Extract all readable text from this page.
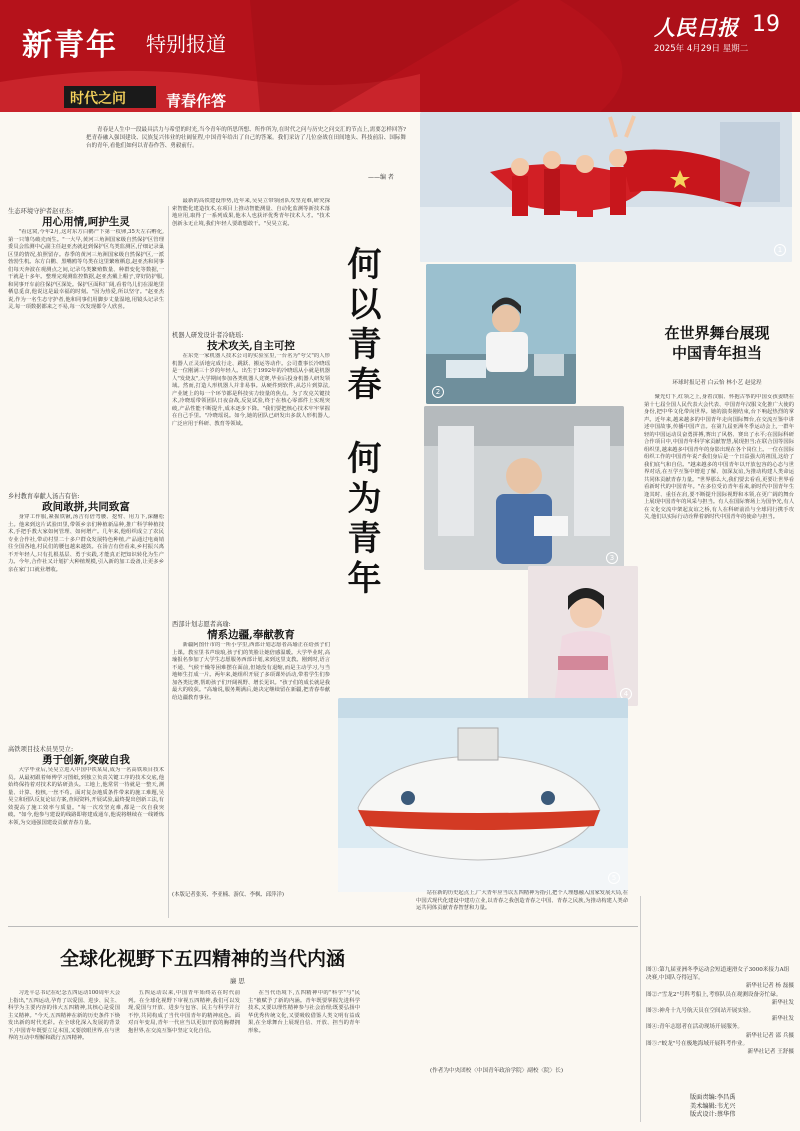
新青年 特别报道
人民日报 19
2025年 4月29日 星期二
时代之问	青春作答

青春是人生中一段最具活力与希望的时光,当今青年的所思所想、所作所为,在时代之问与历史之问交汇的节点上,需要怎样回答?把青春融入强国建设、民族复兴伟业的壮阔征程,中国青年给出了自己的答案。我们采访了几位奋战在田间地头、科技前沿、国际舞台的青年,看他们如何以青春作答、勇毅前行。

——编 者
何以青春
何为青年
生态环境守护者赵亚杰:
用心用情,呵护生灵

"看这窝,今年2月,这对东方白鹳产下第一枚卵,35天左右孵化,第一只雏鸟破壳而生。"一大早,黄河三角洲国家级自然保护区管理委员会监测中心副主任赵亚杰就赶到保护区鸟类监测区,仔细记录巢区里的情况,拍照留存。春季的黄河三角洲国家级自然保护区,一派勃勃生机。东方白鹳、黑嘴鸥等鸟类在这里繁殖栖息,赵亚杰和同事们每天奔波在观测点之间,记录鸟类繁殖数量、种群变化等数据,一干就是十多年。整理完观测监控数据,赵亚杰戴上帽子,穿好防护服,和同事开车前往保护区深处。保护区面积广阔,看着鸟儿们在湿地里栖息觅食,他说这是最幸福的时刻。"因为热爱,所以坚守。"赵亚杰说,作为一名生态守护者,他和同事们用脚步丈量湿地,用镜头记录生灵,每一项数据都来之不易,每一次发现都令人欣喜。

乡村教育奉献人汤吉有倍:
政间敢拼,共同致富

身穿工作服,紧握铁锹,汤吉有倍弯腰、挖臂、用力下,深翻松土。他来到这片试验田里,带领乡亲们种植新品种,推广科学种植技术,手把手教大家如何管理、如何增产。几年来,他组织成立了农民专业合作社,带动村里二十多户群众发展特色种植,产品通过电商销往全国各地,村民们的腰包越来越鼓。在汤吉有倍看来,乡村振兴离不开年轻人,只有扎根基层、勇于实践,才能真正把知识转化为生产力。今年,合作社又计划扩大种植规模,引入新的加工设备,让更多乡亲在家门口就业增收。

高铁项目技术员吴昊立:
勇于创新,突破自我

大学毕业后,吴昊立进入中国中铁某局,成为一名高铁项目技术员。从最初跟着师傅学习图纸,到独立负责关键工序的技术交底,他始终保持着对技术的钻研劲头。工地上,他常常一待就是一整天,测量、计算、校核,一丝不苟。面对复杂地质条件带来的施工难题,吴昊立和团队反复论证方案,查阅资料,开展试验,最终提出创新工法,有效提高了施工效率与质量。"每一次攻坚克难,都是一次自我突破。"如今,他参与建设的线路即将建成通车,他说将继续在一线锤炼本领,为交通强国建设贡献青春力量。

最新的高铁建设形势,近年来,吴昊立带领团队攻坚克难,研究探索智能化建造技术,在项目上推动智能测量、自动化监测等新技术落地应用,取得了一系列成果,他本人也获评优秀青年技术人才。"技术创新永无止境,我们年轻人要敢想敢干。"吴昊立说。

机器人研发设计者冷晓瑶:
技术攻关,自主可控

在东莞一家机器人技术公司的实验室里,一台名为"夸父"的人形机器人正灵活地完成行走、跳跃、搬运等动作。公司董事长冷晓瑶是一位刚满三十岁的年轻人。出生于1992年的冷晓瑶从小就是机器人"发烧友",大学期间参加各类机器人竞赛,毕业后投身机器人研发领域。然而,打造人形机器人并非易事。从硬件到软件,从芯片到算法,产业链上的每一个环节都是科技实力较量的焦点。为了攻克关键技术,冷晓瑶带领团队日夜奋战,反复试验,终于在核心零部件上实现突破,产品性能不断提升,成本逐步下降。"我们要把核心技术牢牢掌握在自己手里。"冷晓瑶说。如今,她的团队已研发出多款人形机器人,广泛应用于科研、教育等领域。

西部计划志愿者高瑜:
情系边疆,奉献教育

新疆阿图什市的一所小学里,西部计划志愿者高瑜正在给孩子们上课。教室里书声琅琅,孩子们的笑脸让她倍感温暖。大学毕业时,高瑜报名参加了大学生志愿服务西部计划,来到这里支教。刚到时,语言不通、气候干燥等困难摆在面前,但她没有退缩,而是主动学习,与当地师生打成一片。两年来,她组织开展了多项课外活动,带着学生们参加各类比赛,帮助孩子们开阔视野、增长见识。"孩子们的成长就是我最大的收获。"高瑜说,服务期满后,她决定继续留在新疆,把青春奉献给边疆教育事业。

(本版记者张英、李亚楠、游仪、李枫、邱萍洋)
1
2
3
4
5
在世界舞台展现
中国青年担当
环球时报记者 白云怡 林小艺 赵觉珵

聚光灯下,红领之上,身着汉服、怀抱古筝的中国女孩姜晓在第十七届全国人民代表大会代表、中国青年汉服文化推广大使的身份,把中华文化带向世界。她的演奏刚结束,台下响起热烈的掌声。近年来,越来越多的中国青年走向国际舞台,在交流互鉴中讲述中国故事,传播中国声音。在第九届亚洲冬季运动会上,一群年轻的中国运动员奋勇拼搏,赛出了风格、赛出了水平;在国际科研合作项目中,中国青年科学家贡献智慧,展现担当;在联合国等国际组织里,越来越多中国青年的身影出现在各个岗位上。一位在国际组织工作的中国青年说:"我们身后是一个日益强大的祖国,这给了我们底气和自信。"越来越多的中国青年以开放包容的心态与世界对话,在互学互鉴中增进了解、加深友谊,为推动构建人类命运共同体贡献青春力量。"世界那么大,我们要去看看,更要让世界看看新时代的中国青年。"在多位受访青年看来,新时代中国青年生逢其时、重任在肩,要不断提升国际视野和本领,在更广阔的舞台上展现中国青年的风采与担当。有人在国际赛场上为国争光,有人在文化交流中架起友谊之桥,有人在科研前沿与全球同行携手攻关,他们以实际行动诠释着新时代中国青年的使命与担当。

全球化视野下五四精神的当代内涵
廉 思

习近平总书记在纪念五四运动100周年大会上指出,"五四运动,孕育了以爱国、进步、民主、科学为主要内容的伟大五四精神,其核心是爱国主义精神。"今天,五四精神在新的历史条件下焕发出新的时代光彩。在全球化深入发展的背景下,中国青年既要立足本国,又要放眼世界,在与世界的互动中理解和践行五四精神。

五四运动以来,中国青年始终站在时代前列。在全球化视野下审视五四精神,我们可以发现,爱国与开放、进步与包容、民主与科学并行不悖,共同构成了当代中国青年的精神底色。面对百年变局,青年一代应当以更加开放的胸襟拥抱世界,在交流互鉴中坚定文化自信。

在当代语境下,五四精神中的"科学"与"民主"被赋予了新的内涵。青年既要掌握先进科学技术,又要以理性精神参与社会治理;既要弘扬中华优秀传统文化,又要吸收借鉴人类文明有益成果,在全球舞台上展现自信、开放、担当的青年形象。

站在新的历史起点上,广大青年应当以五四精神为指引,把个人理想融入国家发展大局,在中国式现代化建设中建功立业,以青春之我创造青春之中国、青春之民族,为推动构建人类命运共同体贡献青春智慧和力量。

(作者为中央团校〈中国青年政治学院〉副校〈院〉长)
图①:第九届亚洲冬季运动会短道速滑女子3000米接力A组决赛,中国队夺得冠军。
新华社记者 杨 磊摄
图②:"雪龙2"号科考船上,考察队员在观测设备旁忙碌。
新华社发
图③:神舟十九号航天员在空间站开展实验。
新华社发
图④:青年志愿者在活动现场开展服务。
新华社记者 邵 兵摄
图⑤:"蛟龙"号在极地海域开展科考作业。
新华社记者 王舒摄
版面责编:李昌禹
美术编辑:韦尤兴
版式设计:蔡华伟
